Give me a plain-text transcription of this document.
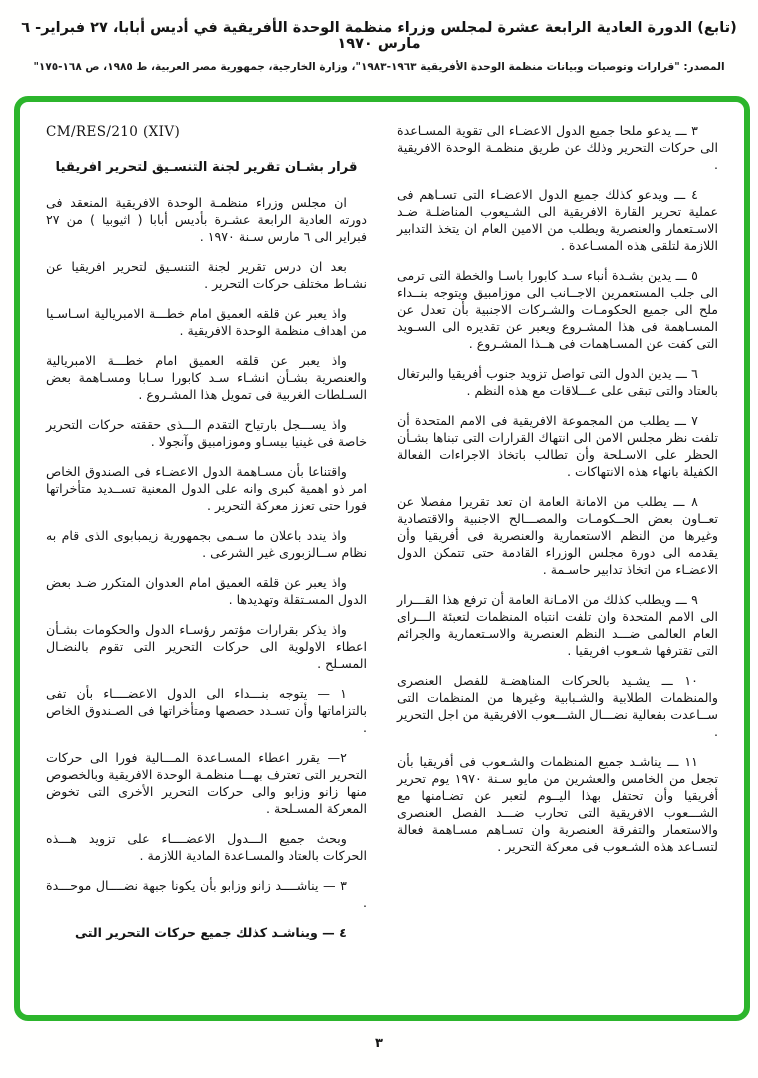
(تابع) الدورة العادية الرابعة عشرة لمجلس وزراء منظمة الوحدة الأفريقية في أديس أبابا، ٢٧ فبراير- ٦ مارس ١٩٧٠
المصدر: "قرارات وتوصيات وبيانات منظمة الوحدة الأفريقية ١٩٦٣-١٩٨٣"، وزارة الخارجية، جمهورية مصر العربية، ط ١٩٨٥، ص ١٦٨-١٧٥"

٣ ـــ يدعو ملحا جميع الدول الاعضـاء الى تقوية المسـاعدة الى حركات التحرير وذلك عن طريق منظمـة الوحدة الافريقية .

٤ ـــ ويدعو كذلك جميع الدول الاعضـاء التى تسـاهم فى عملية تحرير القارة الافريقية الى الشـيعوب المناضلـة ضـد الاسـتعمار والعنصرية ويطلب من الامين العام ان يتخذ التدابير اللازمة لتلقى هذه المسـاعدة .

٥ ـــ يدين بشـدة أنباء سـد كابورا باسـا والخطة التى ترمى الى جلب المستعمرين الاجــانب الى موزامبيق ويتوجه بنــداء ملح الى جميع الحكومـات والشـركات الاجنبية بأن تعدل عن المسـاهمة فى هذا المشـروع ويعبر عن تقديره الى السـويد التى كفت عن المسـاهمات فى هــذا المشـروع .

٦ ـــ يدين الدول التى تواصل تزويد جنوب أفريقيا والبرتغال بالعتاد والتى تبقى على عـــلاقات مع هذه النظم .

٧ ـــ يطلب من المجموعة الافريقية فى الامم المتحدة أن تلفت نظر مجلس الامن الى انتهاك القرارات التى تبناها بشـأن الحظر على الاسـلحة وأن تطالب باتخاذ الاجراءات الفعالة الكفيلة بانهاء هذه الانتهاكات .

٨ ـــ يطلب من الامانة العامة ان تعد تقريرا مفصلا عن تعــاون بعض الحــكومـات والمصـــالح الاجنبية والاقتصادية وغيرها من النظم الاستعمارية والعنصرية فى أفريقيا وأن يقدمه الى دورة مجلس الوزراء القادمة حتى تتمكن الدول الاعضـاء من اتخاذ تدابير حاسـمة .

٩ ـــ ويطلب كذلك من الامـانة العامة أن ترفع هذا القـــرار الى الامم المتحدة وان تلفت انتباه المنظمات لتعبئة الـــراى العام العالمى ضـــد النظم العنصرية والاسـتعمارية والجرائم التى تقترفها شـعوب افريقيا .

١٠ ـــ يشـيد بالحركات المناهضـة للفصل العنصرى والمنظمات الطلابية والشـبابية وغيرها من المنظمات التى ســاعدت بفعالية نضـــال الشـــعوب الافريقية من اجل التحرير .

١١ ـــ يناشـد جميع المنظمات والشـعوب فى أفريقيا بأن تجعل من الخامس والعشرين من مايو سـنة ١٩٧٠ يوم تحرير أفريقيا وأن تحتفل بهذا اليــوم لتعبر عن تضـامنها مع الشـــعوب الافريقية التى تحارب ضـــد الفصل العنصرى والاستعمار والتفرقة العنصرية وان تسـاهم مسـاهمة فعالة لتسـاعد هذه الشـعوب فى معركة التحرير .

CM/RES/210 (XIV)
قرار بشـان تقرير لجنة التنسـيق لتحرير افريقيا

ان مجلس وزراء منظمـة الوحدة الافريقية المنعقد فى دورته العادية الرابعة عشـرة بأديس أبابا ( اثيوبيا ) من ٢٧ فبراير الى ٦ مارس سـنة ١٩٧٠ .

بعد ان درس تقرير لجنة التنسـيق لتحرير افريقيا عن نشـاط مختلف حركات التحرير .

واذ يعبر عن قلقه العميق امام خطـــة الامبريالية اسـاسـيا من اهداف منظمة الوحدة الافريقية .

واذ يعبر عن قلقه العميق امام خطـــة الامبريالية والعنصرية بشـأن انشـاء سـد كابورا سـابا ومسـاهمة بعض السـلطات الغربية فى تمويل هذا المشـروع .

واذ يســـجل بارتياح التقدم الـــذى حققته حركات التحرير خاصة فى غينيا بيسـاو وموزامبيق وآنجولا .

واقتناعا بأن مسـاهمة الدول الاعضـاء فى الصندوق الخاص امر ذو اهمية كبرى وانه على الدول المعنية تســديد متأخراتها فورا حتى تعزز معركة التحرير .

واذ يندد باعلان ما سـمى بجمهورية زيمبابوى الذى قام به نظام ســالزبورى غير الشرعى .

واذ يعبر عن قلقه العميق امام العدوان المتكرر ضـد بعض الدول المسـتقلة وتهديدها .

واذ يذكر بقرارات مؤتمر رؤسـاء الدول والحكومات بشـأن اعطاء الاولوية الى حركات التحرير التى تقوم بالنضـال المسـلح .

١ — يتوجه بنـــداء الى الدول الاعضــــاء بأن تفى بالتزاماتها وأن تسـدد حصصها ومتأخراتها فى الصـندوق الخاص .

٢— يقرر اعطاء المسـاعدة المـــالية فورا الى حركات التحرير التى تعترف بهـــا منظمـة الوحدة الافريقية وبالخصوص منها زانو وزابو والى حركات التحرير الأخرى التى تخوض المعركة المسـلحة .

وبحث جميع الـــدول الاعضــــاء على تزويد هـــذه الحركات بالعتاد والمسـاعدة المادية اللازمة .

٣ — يناشــــد زانو وزابو بأن يكونا جبهة نضــــال موحـــدة .

٤ — ويناشـد كذلك جميع حركات التحرير التى

٣
